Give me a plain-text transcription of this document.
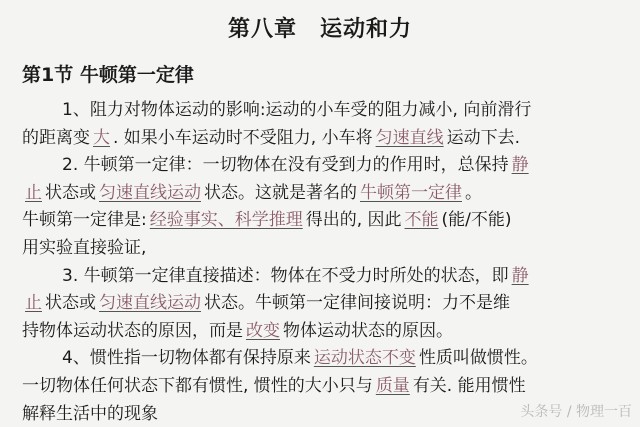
第八章　运动和力
第1节 牛顿第一定律
1、阻力对物体运动的影响:运动的小车受的阻力减小, 向前滑行
的距离变 大 . 如果小车运动时不受阻力, 小车将 匀速直线 运动下去.
2. 牛顿第一定律：一切物体在没有受到力的作用时，总保持 静
止 状态或 匀速直线运动 状态。这就是著名的 牛顿第一定律 。
牛顿第一定律是: 经验事实、科学推理 得出的, 因此 不能 (能/不能)
用实验直接验证,
3. 牛顿第一定律直接描述：物体在不受力时所处的状态，即 静
止 状态或 匀速直线运动 状态。牛顿第一定律间接说明：力不是维
持物体运动状态的原因，而是 改变 物体运动状态的原因。
4、惯性指一切物体都有保持原来 运动状态不变 性质叫做惯性。
一切物体任何状态下都有惯性, 惯性的大小只与 质量 有关. 能用惯性
解释生活中的现象	头条号 / 物理一百
